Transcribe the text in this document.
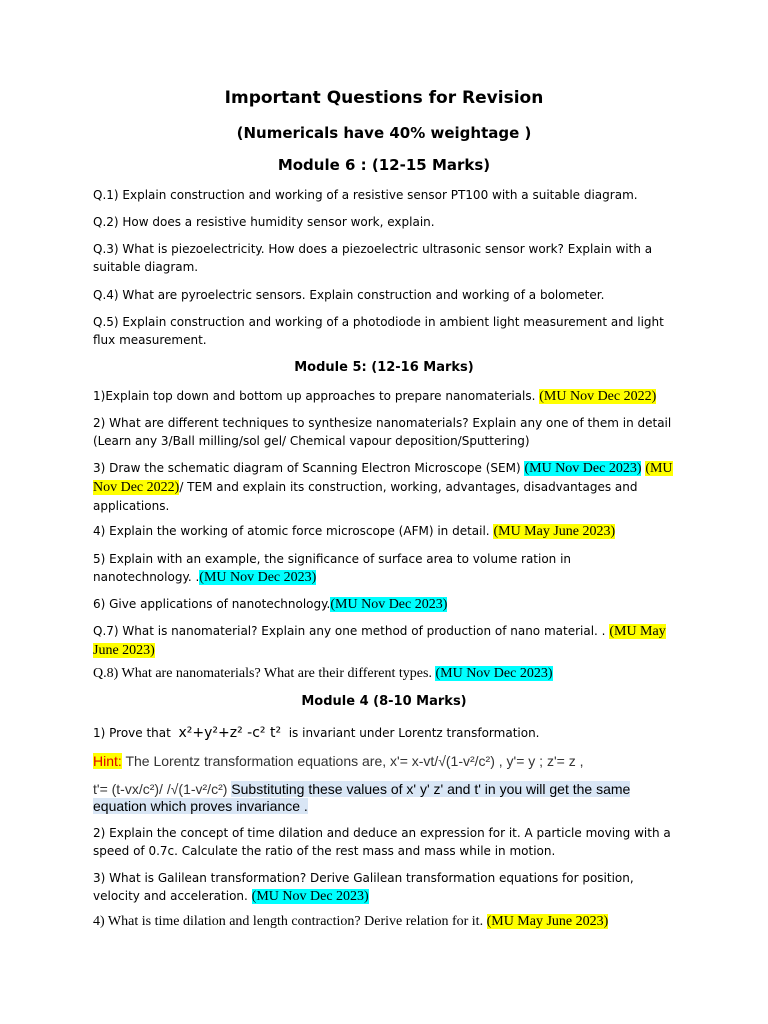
Important Questions for Revision
(Numericals have 40% weightage )
Module 6 : (12-15 Marks)
Q.1) Explain construction and working of a resistive sensor PT100 with a suitable diagram.
Q.2) How does a resistive humidity sensor work, explain.
Q.3) What is piezoelectricity. How does a piezoelectric ultrasonic sensor work? Explain with a suitable diagram.
Q.4) What are pyroelectric sensors. Explain construction and working of a bolometer.
Q.5) Explain construction and working of a photodiode in ambient light measurement and light flux measurement.
Module 5: (12-16 Marks)
1)Explain top down and bottom up approaches to prepare nanomaterials. (MU Nov Dec 2022)
2) What are different techniques to synthesize nanomaterials? Explain any one of them in detail (Learn any 3/Ball milling/sol gel/ Chemical vapour deposition/Sputtering)
3) Draw the schematic diagram of Scanning Electron Microscope (SEM) (MU Nov Dec 2023) (MU Nov Dec 2022)/ TEM and explain its construction, working, advantages, disadvantages and applications.
4) Explain the working of atomic force microscope (AFM) in detail. (MU May June 2023)
5) Explain with an example, the significance of surface area to volume ration in nanotechnology. .(MU Nov Dec 2023)
6) Give applications of nanotechnology.(MU Nov Dec 2023)
Q.7) What is nanomaterial? Explain any one method of production of nano material. . (MU May June 2023)
Q.8) What are nanomaterials? What are their different types. (MU Nov Dec 2023)
Module 4 (8-10 Marks)
1) Prove that x²+y²+z² -c² t² is invariant under Lorentz transformation.
Hint: The Lorentz transformation equations are, x'= x-vt/√(1-v²/c²) , y'= y ; z'= z ,
t'= (t-vx/c²)/ /√(1-v²/c²) Substituting these values of x' y' z' and t' in you will get the same equation which proves invariance .
2) Explain the concept of time dilation and deduce an expression for it. A particle moving with a speed of 0.7c. Calculate the ratio of the rest mass and mass while in motion.
3) What is Galilean transformation? Derive Galilean transformation equations for position, velocity and acceleration. (MU Nov Dec 2023)
4) What is time dilation and length contraction? Derive relation for it. (MU May June 2023)
